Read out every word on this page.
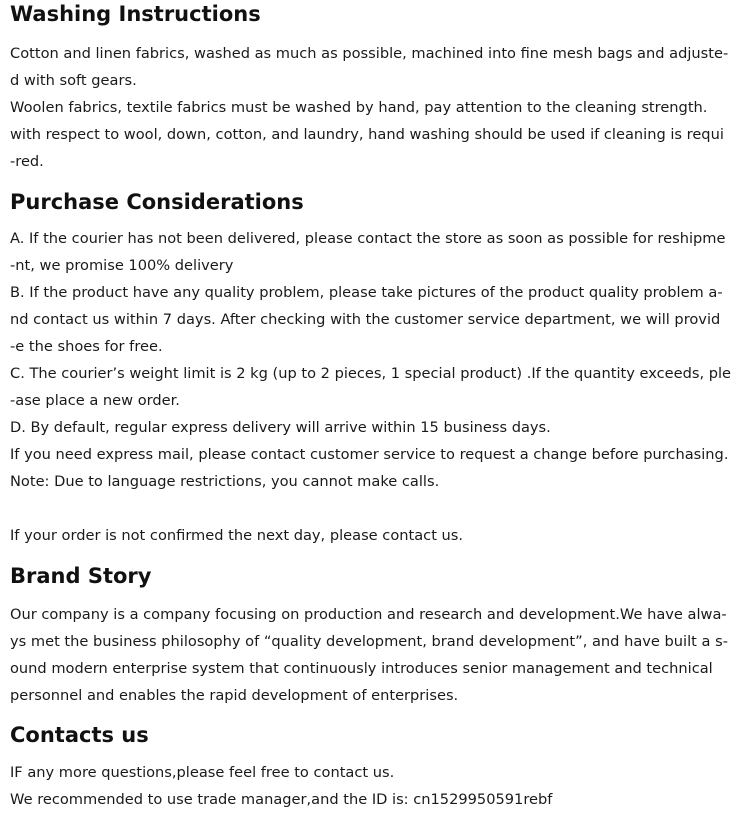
Washing Instructions

Cotton and linen fabrics, washed as much as possible, machined into fine mesh bags and adjuste-

d with soft gears.

Woolen fabrics, textile fabrics must be washed by hand, pay attention to the cleaning strength.

with respect to wool, down, cotton, and laundry, hand washing should be used if cleaning is requi

-red.

Purchase Considerations

A. If the courier has not been delivered, please contact the store as soon as possible for reshipme

-nt, we promise 100% delivery

B. If the product have any quality problem, please take pictures of the product quality problem a-

nd contact us within 7 days. After checking with the customer service department, we will provid

-e the shoes for free.

C. The courier’s weight limit is 2 kg (up to 2 pieces, 1 special product) .If the quantity exceeds, ple

-ase place a new order.

D. By default, regular express delivery will arrive within 15 business days.

If you need express mail, please contact customer service to request a change before purchasing.

Note: Due to language restrictions, you cannot make calls.

If your order is not confirmed the next day, please contact us.

Brand Story

Our company is a company focusing on production and research and development.We have alwa-

ys met the business philosophy of “quality development, brand development”, and have built a s-

ound modern enterprise system that continuously introduces senior management and technical

personnel and enables the rapid development of enterprises.

Contacts us

IF any more questions,please feel free to contact us.

We recommended to use trade manager,and the ID is: cn1529950591rebf
